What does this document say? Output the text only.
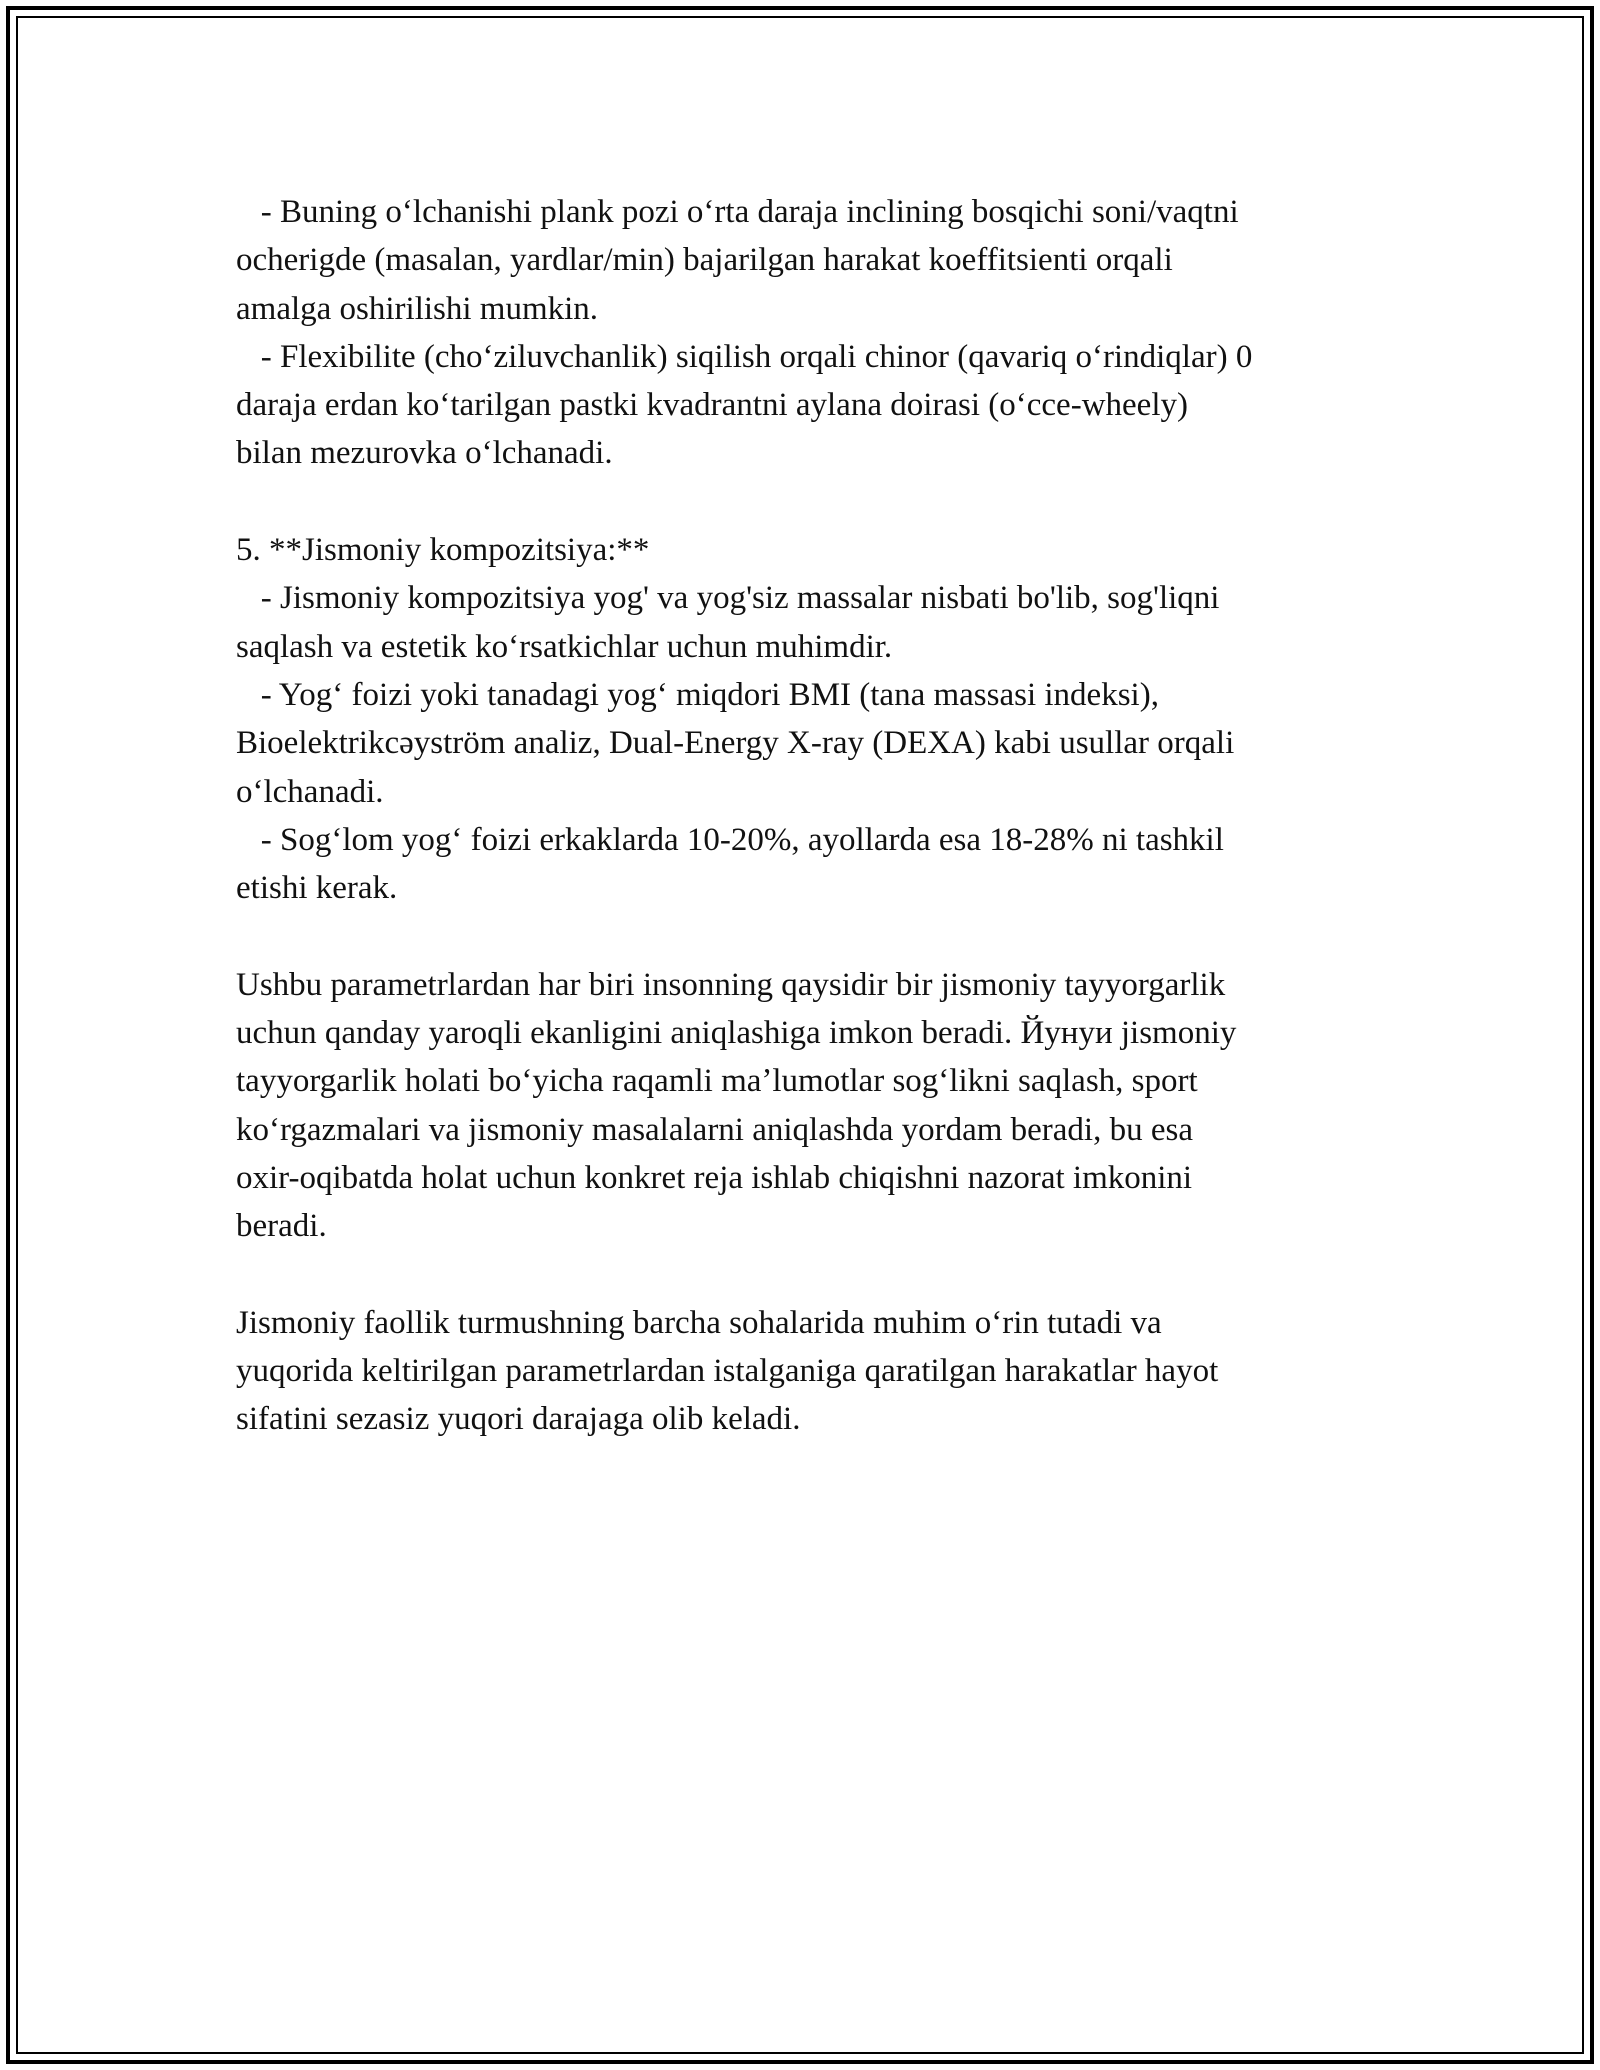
- Buning oʻlchanishi plank pozi oʻrta daraja inclining bosqichi soni/vaqtni
ocherigde (masalan, yardlar/min) bajarilgan harakat koeffitsienti orqali
amalga oshirilishi mumkin.
- Flexibilite (choʻziluvchanlik) siqilish orqali chinor (qavariq oʻrindiqlar) 0
daraja erdan koʻtarilgan pastki kvadrantni aylana doirasi (oʻcce-wheely)
bilan mezurovka oʻlchanadi.
5. **Jismoniy kompozitsiya:**
- Jismoniy kompozitsiya yog' va yog'siz massalar nisbati bo'lib, sog'liqni
saqlash va estetik koʻrsatkichlar uchun muhimdir.
- Yogʻ foizi yoki tanadagi yogʻ miqdori BMI (tana massasi indeksi),
Bioelektrikcəyström analiz, Dual-Energy X-ray (DEXA) kabi usullar orqali
oʻlchanadi.
- Sogʻlom yogʻ foizi erkaklarda 10-20%, ayollarda esa 18-28% ni tashkil
etishi kerak.
Ushbu parametrlardan har biri insonning qaysidir bir jismoniy tayyorgarlik
uchun qanday yaroqli ekanligini aniqlashiga imkon beradi. Йунуи jismoniy
tayyorgarlik holati boʻyicha raqamli maʼlumotlar sogʻlikni saqlash, sport
koʻrgazmalari va jismoniy masalalarni aniqlashda yordam beradi, bu esa
oxir-oqibatda holat uchun konkret reja ishlab chiqishni nazorat imkonini
beradi.
Jismoniy faollik turmushning barcha sohalarida muhim oʻrin tutadi va
yuqorida keltirilgan parametrlardan istalganiga qaratilgan harakatlar hayot
sifatini sezasiz yuqori darajaga olib keladi.
